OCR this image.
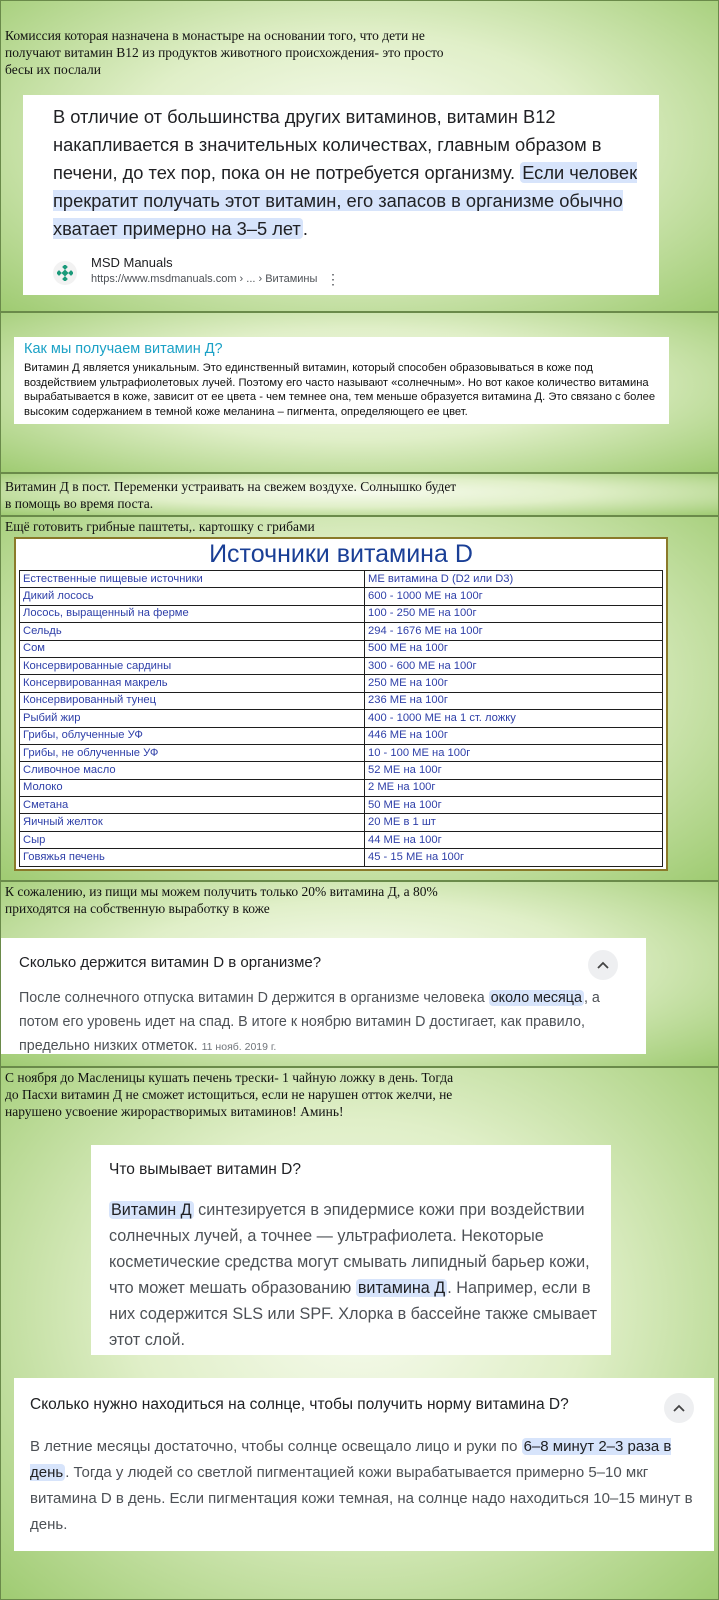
Комиссия которая назначена в монастыре на основании того, что дети не
получают витамин В12 из продуктов животного происхождения- это просто
бесы их послали
В отличие от большинства других витаминов, витамин B12 накапливается в значительных количествах, главным образом в печени, до тех пор, пока он не потребуется организму. Если человек прекратит получать этот витамин, его запасов в организме обычно хватает примерно на 3–5 лет .
MSD Manuals
https://www.msdmanuals.com › ... › Витамины ⋮
Как мы получаем витамин Д?
Витамин Д является уникальным. Это единственный витамин, который способен образовываться в коже под воздействием ультрафиолетовых лучей. Поэтому его часто называют «солнечным». Но вот какое количество витамина вырабатывается в коже, зависит от ее цвета - чем темнее она, тем меньше образуется витамина Д. Это связано с более высоким содержанием в темной коже меланина – пигмента, определяющего ее цвет.
Витамин Д в пост. Переменки устраивать на свежем воздухе. Солнышко будет
в помощь во время поста.
Ещё готовить грибные паштеты,. картошку с грибами
Источники витамина D
Естественные пищевые источники	МЕ витамина D (D2 или D3)
Дикий лосось	600 - 1000 МЕ на 100г
Лосось, выращенный на ферме	100 - 250 МЕ на 100г
Сельдь	294 - 1676 МЕ на 100г
Сом	500 МЕ на 100г
Консервированные сардины	300 - 600 МЕ на 100г
Консервированная макрель	250 МЕ на 100г
Консервированный тунец	236 МЕ на 100г
Рыбий жир	400 - 1000 МЕ на 1 ст. ложку
Грибы, облученные УФ	446 МЕ на 100г
Грибы, не облученные УФ	10 - 100 МЕ на 100г
Сливочное масло	52 МЕ на 100г
Молоко	2 МЕ на 100г
Сметана	50 МЕ на 100г
Яичный желток	20 МЕ в 1 шт
Сыр	44 МЕ на 100г
Говяжья печень	45 - 15 МЕ на 100г
К сожалению, из пищи мы можем получить только 20% витамина Д, а 80%
приходятся на собственную выработку в коже
Сколько держится витамин D в организме?
После солнечного отпуска витамин D держится в организме человека около месяца , а потом его уровень идет на спад. В итоге к ноябрю витамин D достигает, как правило, предельно низких отметок. 11 нояб. 2019 г.
С ноября до Масленицы кушать печень трески- 1 чайную ложку в день. Тогда
до Пасхи витамин Д не сможет истощиться, если не нарушен отток желчи, не
нарушено усвоение жирорастворимых витаминов! Аминь!
Что вымывает витамин D?
Витамин Д синтезируется в эпидермисе кожи при воздействии солнечных лучей, а точнее — ультрафиолета. Некоторые косметические средства могут смывать липидный барьер кожи, что может мешать образованию витамина Д . Например, если в них содержится SLS или SPF. Хлорка в бассейне также смывает этот слой.
Сколько нужно находиться на солнце, чтобы получить норму витамина D?
В летние месяцы достаточно, чтобы солнце освещало лицо и руки по 6–8 минут 2–3 раза в день . Тогда у людей со светлой пигментацией кожи вырабатывается примерно 5–10 мкг витамина D в день. Если пигментация кожи темная, на солнце надо находиться 10–15 минут в день.
